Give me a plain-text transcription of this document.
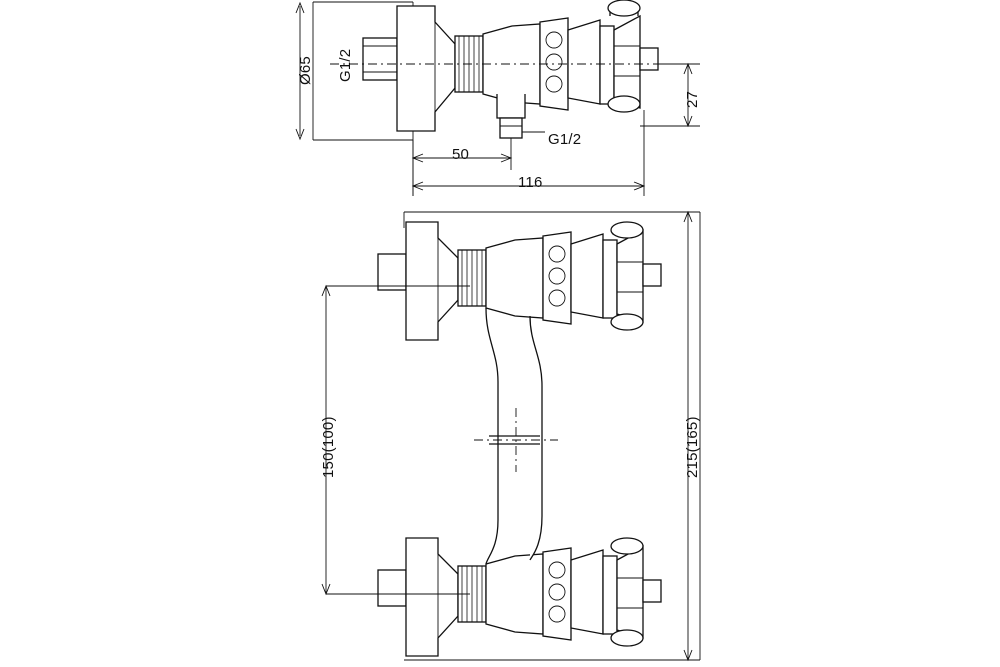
Ø65 G1/2
G1/2
50
116
27
150(100)	215(165)
